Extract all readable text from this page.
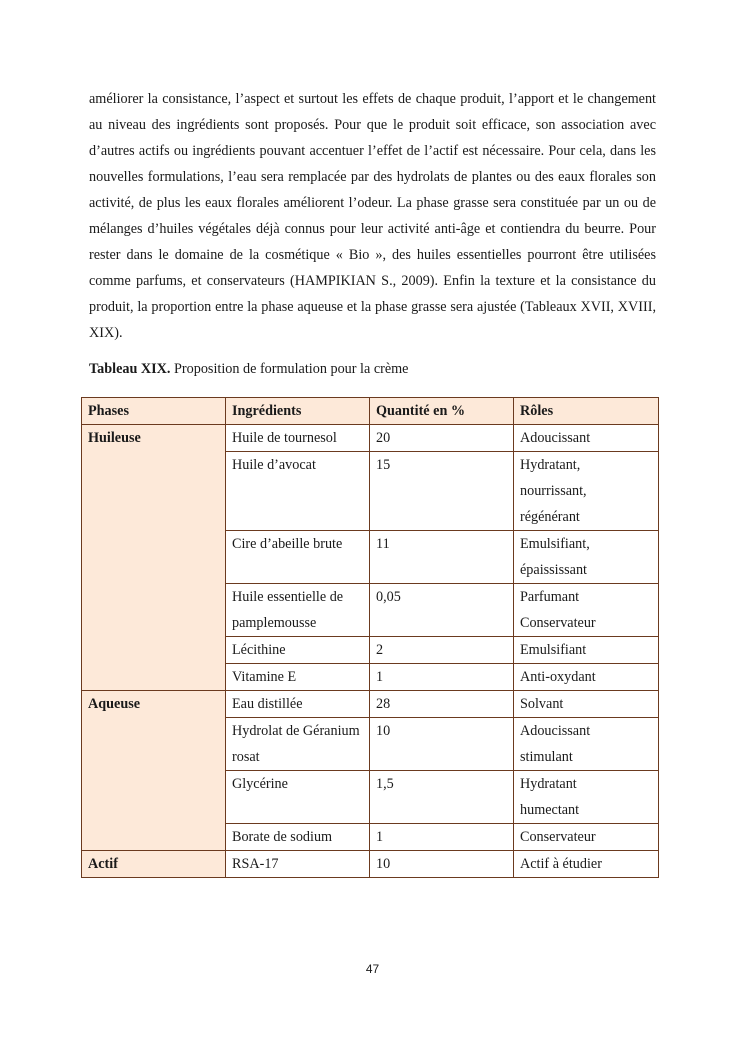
améliorer la consistance, l’aspect et surtout les effets de chaque produit, l’apport et le changement au niveau des ingrédients sont proposés. Pour que le produit soit efficace, son association avec d’autres actifs ou ingrédients pouvant accentuer l’effet de l’actif est nécessaire. Pour cela, dans les nouvelles formulations, l’eau sera remplacée par des hydrolats de plantes ou des eaux florales son activité, de plus les eaux florales améliorent l’odeur. La phase grasse sera constituée par un ou de mélanges d’huiles végétales déjà connus pour leur activité anti-âge et contiendra du beurre. Pour rester dans le domaine de la cosmétique « Bio », des huiles essentielles pourront être utilisées comme parfums, et conservateurs (HAMPIKIAN S., 2009). Enfin la texture et la consistance du produit, la proportion entre la phase aqueuse et la phase grasse sera ajustée (Tableaux XVII, XVIII, XIX).

Tableau XIX. Proposition de formulation pour la crème

Phases	Ingrédients	Quantité en %	Rôles
Huileuse	Huile de tournesol	20	Adoucissant
	Huile d’avocat	15	Hydratant, nourrissant, régénérant

	Cire d’abeille brute	11	Emulsifiant, épaississant

	Huile essentielle de pamplemousse	0,05	Parfumant Conservateur

	Lécithine	2	Emulsifiant
	Vitamine E	1	Anti-oxydant
Aqueuse	Eau distillée	28	Solvant
	Hydrolat de Géranium rosat	10	Adoucissant stimulant

	Glycérine	1,5	Hydratant humectant

	Borate de sodium	1	Conservateur
Actif	RSA-17	10	Actif à étudier
47
